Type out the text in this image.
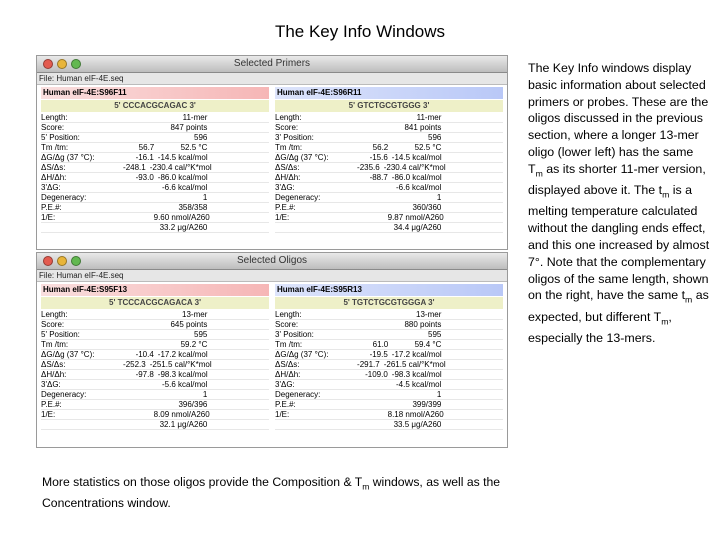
The Key Info Windows
Selected Primers
File: Human eIF-4E.seq
Human eIF-4E:S96F11
5' CCCACGCAGAC 3'
Length:	11-mer
Score:	847 points
5' Position:	596
Tm /tm:	56.7	52.5 °C
ΔG/Δg (37 °C):	-16.1 -14.5 kcal/mol
ΔS/Δs:	-248.1 -230.4 cal/°K*mol
ΔH/Δh:	-93.0 -86.0 kcal/mol
3'ΔG:	-6.6 kcal/mol
Degeneracy:	1
P.E.#:	358/358
1/E:	9.60 nmol/A260
33.2 μg/A260
Human eIF-4E:S96R11
5' GTCTGCGTGGG 3'
Length:	11-mer
Score:	841 points
3' Position:	596
Tm /tm:	56.2	52.5 °C
ΔG/Δg (37 °C):	-15.6 -14.5 kcal/mol
ΔS/Δs:	-235.6 -230.4 cal/°K*mol
ΔH/Δh:	-88.7 -86.0 kcal/mol
3'ΔG:	-6.6 kcal/mol
Degeneracy:	1
P.E.#:	360/360
1/E:	9.87 nmol/A260
34.4 μg/A260
Selected Oligos
File: Human eIF-4E.seq
Human eIF-4E:S95F13
5' TCCCACGCAGACA 3'
Length:	13-mer
Score:	645 points
5' Position:	595
Tm /tm:	59.2 °C
ΔG/Δg (37 °C):	-10.4 -17.2 kcal/mol
ΔS/Δs:	-252.3 -251.5 cal/°K*mol
ΔH/Δh:	-97.8 -98.3 kcal/mol
3'ΔG:	-5.6 kcal/mol
Degeneracy:	1
P.E.#:	396/396
1/E:	8.09 nmol/A260
32.1 μg/A260
Human eIF-4E:S95R13
5' TGTCTGCGTGGGA 3'
Length:	13-mer
Score:	880 points
3' Position:	595
Tm /tm:	61.0	59.4 °C
ΔG/Δg (37 °C):	-19.5 -17.2 kcal/mol
ΔS/Δs:	-291.7 -261.5 cal/°K*mol
ΔH/Δh:	-109.0 -98.3 kcal/mol
3'ΔG:	-4.5 kcal/mol
Degeneracy:	1
P.E.#:	399/399
1/E:	8.18 nmol/A260
33.5 μg/A260
The Key Info windows display basic information about selected primers or probes. These are the oligos discussed in the previous section, where a longer 13-mer oligo (lower left) has the same $T_m$ as its shorter 11-mer version, displayed above it. The $t_m$ is a melting temperature calculated without the dangling ends effect, and this one increased by almost 7°. Note that the complementary oligos of the same length, shown on the right, have the same $t_m$ as expected, but different $T_m$, especially the 13-mers.
More statistics on those oligos provide the Composition & $T_m$ windows, as well as the Concentrations window.
